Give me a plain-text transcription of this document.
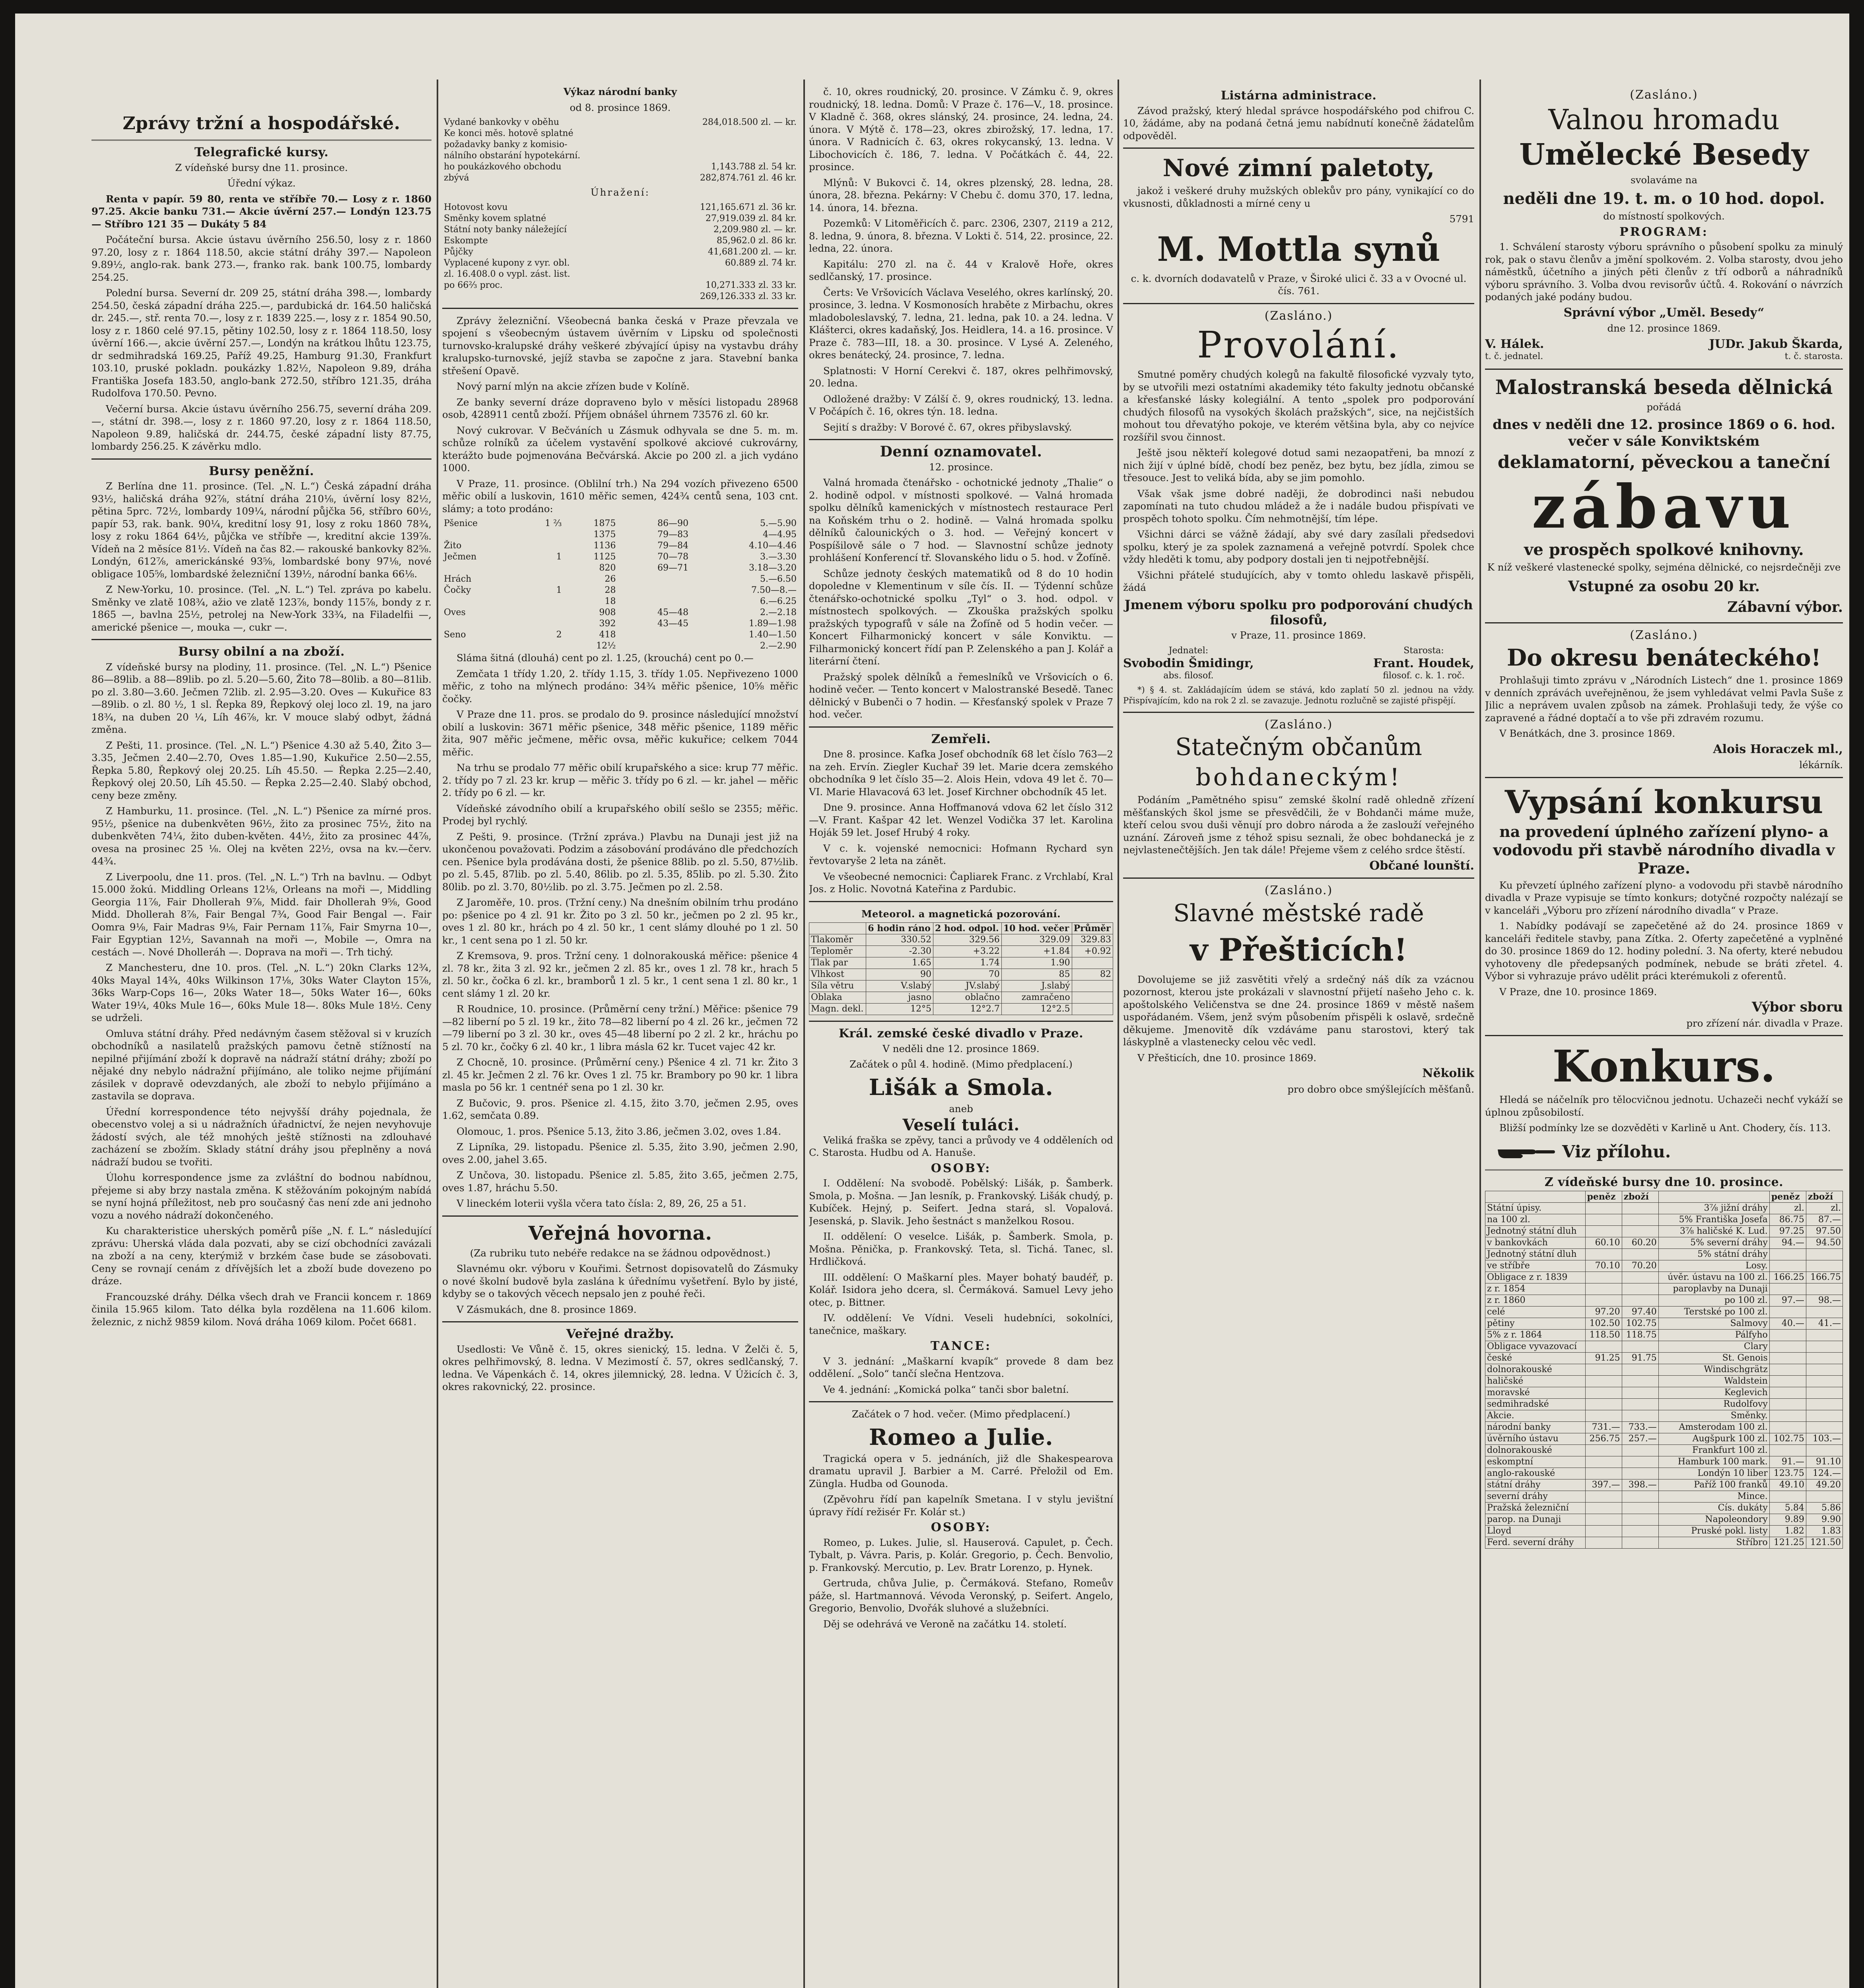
Zprávy tržní a hospodářské.
Telegrafické kursy.
Z vídeňské bursy dne 11. prosince.
Úřední výkaz.
Renta v papír. 59 80, renta ve stříbře 70.— Losy z r. 1860 97.25. Akcie banku 731.— Akcie úvěrní 257.— Londýn 123.75 — Stříbro 121 35 — Dukáty 5 84
Počáteční bursa. Akcie ústavu úvěrního 256.50, losy z r. 1860 97.20, losy z r. 1864 118.50, akcie státní dráhy 397.— Napoleon 9.89½, anglo-rak. bank 273.—, franko rak. bank 100.75, lombardy 254.25.
Polední bursa. Severní dr. 209 25, státní dráha 398.—, lombardy 254.50, česká západní dráha 225.—, pardubická dr. 164.50 haličská dr. 245.—, stř. renta 70.—, losy z r. 1839 225.—, losy z r. 1854 90.50, losy z r. 1860 celé 97.15, pětiny 102.50, losy z r. 1864 118.50, losy úvěrní 166.—, akcie úvěrní 257.—, Londýn na krátkou lhůtu 123.75, dr sedmihradská 169.25, Paříž 49.25, Hamburg 91.30, Frankfurt 103.10, pruské pokladn. poukázky 1.82½, Napoleon 9.89, dráha Františka Josefa 183.50, anglo-bank 272.50, stříbro 121.35, dráha Rudolfova 170.50. Pevno.
Večerní bursa. Akcie ústavu úvěrního 256.75, severní dráha 209.—, státní dr. 398.—, losy z r. 1860 97.20, losy z r. 1864 118.50, Napoleon 9.89, haličská dr. 244.75, české západní listy 87.75, lombardy 256.25. K závěrku mdlo.
Bursy peněžní.
Z Berlína dne 11. prosince. (Tel. „N. L.“) Česká západní dráha 93½, haličská dráha 92⅞, státní dráha 210⅛, úvěrní losy 82½, pětina 5prc. 72½, lombardy 109¼, národní půjčka 56, stříbro 60½, papír 53, rak. bank. 90¼, kreditní losy 91, losy z roku 1860 78¾, losy z roku 1864 64½, půjčka ve stříbře —, kreditní akcie 139⅞. Vídeň na 2 měsíce 81½. Vídeň na čas 82.— rakouské bankovky 82⅝. Londýn, 612⅞, americkánské 93⅝, lombardské bony 97⅛, nové obligace 105⅝, lombardské železniční 139½, národní banka 66⅛.
Z New-Yorku, 10. prosince. (Tel. „N. L.“) Tel. zpráva po kabelu. Směnky ve zlatě 108¾, ažio ve zlatě 123⅞, bondy 115⅞, bondy z r. 1865 —, bavlna 25½, petrolej na New-York 33¾, na Filadelfii —, americké pšenice —, mouka —, cukr —.
Bursy obilní a na zboží.
Z vídeňské bursy na plodiny, 11. prosince. (Tel. „N. L.“) Pšenice 86—89lib. a 88—89lib. po zl. 5.20—5.60, Žito 78—80lib. a 80—81lib. po zl. 3.80—3.60. Ječmen 72lib. zl. 2.95—3.20. Oves — Kukuřice 83—89lib. o zl. 80 ½, 1 sl. Řepka 89, Řepkový olej loco zl. 19, na jaro 18¾, na duben 20 ¼, Líh 46⅞, kr. V mouce slabý odbyt, žádná změna.
Z Pešti, 11. prosince. (Tel. „N. L.“) Pšenice 4.30 až 5.40, Žito 3—3.35, Ječmen 2.40—2.70, Oves 1.85—1.90, Kukuřice 2.50—2.55, Řepka 5.80, Řepkový olej 20.25. Líh 45.50. — Řepka 2.25—2.40, Řepkový olej 20.50, Líh 45.50. — Řepka 2.25—2.40. Slabý obchod, ceny beze změny.
Z Hamburku, 11. prosince. (Tel. „N. L.“) Pšenice za mírné pros. 95½, pšenice na dubenkvěten 96½, žito za prosinec 75½, žito na dubenkvěten 74¼, žito duben-květen. 44½, žito za prosinec 44⅞, ovesa na prosinec 25 ⅛. Olej na květen 22½, ovsa na kv.—červ. 44¾.
Z Liverpoolu, dne 11. pros. (Tel. „N. L.“) Trh na bavlnu. — Odbyt 15.000 žokú. Middling Orleans 12⅛, Orleans na moři —, Middling Georgia 11⅞, Fair Dhollerah 9⅞, Midd. fair Dhollerah 9⅝, Good Midd. Dhollerah 8⅞, Fair Bengal 7¾, Good Fair Bengal —. Fair Oomra 9⅛, Fair Madras 9⅛, Fair Pernam 11⅞, Fair Smyrna 10—, Fair Egyptian 12½, Savannah na moři —, Mobile —, Omra na cestách —. Nové Dholleráh —. Doprava na moři —. Trh tichý.
Z Manchesteru, dne 10. pros. (Tel. „N. L.“) 20kn Clarks 12¾, 40ks Mayal 14¾, 40ks Wilkinson 17⅛, 30ks Water Clayton 15⅞, 36ks Warp-Cops 16—, 20ks Water 18—, 50ks Water 16—, 60ks Water 19¼, 40ks Mule 16—, 60ks Mule 18—. 80ks Mule 18½. Ceny se udrželi.
Omluva státní dráhy. Před nedávným časem stěžoval si v kruzích obchodníků a nasilatelů pražských pamovu četně stížností na nepilné přijímání zboží k dopravě na nádraží státní dráhy; zboží po nějaké dny nebylo nádražní přijímáno, ale toliko nejme přijímání zásilek v dopravě odevzdaných, ale zboží to nebylo přijímáno a zastavila se doprava.
Úřední korrespondence této nejvyšší dráhy pojednala, že obecenstvo volej a si u nádražních úřadnictví, že nejen nevyhovuje žádostí svých, ale též mnohých ještě stížnosti na zdlouhavé zacházení se zbožím. Sklady státní dráhy jsou přeplněny a nová nádraží budou se tvořiti.
Úlohu korrespondence jsme za zvláštní do bodnou nabídnou, přejeme si aby brzy nastala změna. K stěžováním pokojným nabídá se nyní hojná příležitost, neb pro současný čas není zde ani jednoho vozu a nového nádraží dokončeného.
Ku charakteristice uherských poměrů píše „N. f. L.“ následující zprávu: Uherská vláda dala pozvati, aby se cizí obchodníci zavázali na zboží a na ceny, kterýmiž v brzkém čase bude se zásobovati. Ceny se rovnají cenám z dřívějších let a zboží bude dovezeno po dráze.
Francouzské dráhy. Délka všech drah ve Francii koncem r. 1869 činila 15.965 kilom. Tato délka byla rozdělena na 11.606 kilom. železnic, z nichž 9859 kilom. Nová dráha 1069 kilom. Počet 6681.
Výkaz národní banky
od 8. prosince 1869.
Vydané bankovky v oběhu	284,018.500 zl. — kr.
Ke konci měs. hotově splatné	
požadavky banky z komisio-	
nálního obstarání hypotekární.	
ho poukázkového obchodu	1,143.788 zl. 54 kr.
zbývá	282,874.761 zl. 46 kr.
Úhražení:
Hotovost kovu	121,165.671 zl. 36 kr.
Směnky kovem splatné	27,919.039 zl. 84 kr.
Státní noty banky náležející	2,209.980 zl. — kr.
Eskompte	85,962.0 zl. 86 kr.
Půjčky	41,681.200 zl. — kr.
Vyplacené kupony z vyr. obl.	60.889 zl. 74 kr.
zl. 16.408.0 o vypl. zást. list.	
po 66⅔ proc.	10,271.333 zl. 33 kr.
	269,126.333 zl. 33 kr.
Zprávy železniční. Všeobecná banka česká v Praze převzala ve spojení s všeobecným ústavem úvěrním v Lipsku od společnosti turnovsko-kralupské dráhy veškeré zbývající úpisy na vystavbu dráhy kralupsko-turnovské, jejíž stavba se započne z jara. Stavební banka střešení Opavě.
Nový parní mlýn na akcie zřízen bude v Kolíně.
Ze banky severní dráze dopraveno bylo v měsíci listopadu 28968 osob, 428911 centů zboží. Příjem obnášel úhrnem 73576 zl. 60 kr.
Nový cukrovar. V Bečváních u Zásmuk odhyvala se dne 5. m. m. schůze rolníků za účelem vystavění spolkové akciové cukrovárny, kterážto bude pojmenována Bečvárská. Akcie po 200 zl. a jich vydáno 1000.
V Praze, 11. prosince. (Oblilní trh.) Na 294 vozích přivezeno 6500 měřic obilí a luskovin, 1610 měřic semen, 424¾ centů sena, 103 cnt. slámy; a toto prodáno:
Pšenice	1 ⅔	1875	86—90	5.—5.90
		1375	79—83	4—4.95
Žito		1136	79—84	4.10—4.46
Ječmen	1	1125	70—78	3.—3.30
		820	69—71	3.18—3.20
Hrách		26		5.—6.50
Čočky	1	28		7.50—8.—
		18		6.—6.25
Oves		908	45—48	2.—2.18
		392	43—45	1.89—1.98
Seno	2	418		1.40—1.50
		12½		2.—2.90
Sláma šitná (dlouhá) cent po zl. 1.25, (krouchá) cent po 0.—
Zemčata 1 třídy 1.20, 2. třídy 1.15, 3. třídy 1.05. Nepřivezeno 1000 měřic, z toho na mlýnech prodáno: 34¾ měřic pšenice, 10⅝ měřic čočky.
V Praze dne 11. pros. se prodalo do 9. prosince následující množství obilí a luskovin: 3671 měřic pšenice, 348 měřic pšenice, 1189 měřic žita, 907 měřic ječmene, měřic ovsa, měřic kukuřice; celkem 7044 měřic.
Na trhu se prodalo 77 měřic obilí krupařského a sice: krup 77 měřic. 2. třídy po 7 zl. 23 kr. krup — měřic 3. třídy po 6 zl. — kr. jahel — měřic 2. třídy po 6 zl. — kr.
Vídeňské závodního obilí a krupařského obilí sešlo se 2355; měřic. Prodej byl rychlý.
Z Pešti, 9. prosince. (Tržní zpráva.) Plavbu na Dunaji jest již na ukončenou považovati. Podzim a zásobování prodáváno dle předchozích cen. Pšenice byla prodávána dosti, že pšenice 88lib. po zl. 5.50, 87½lib. po zl. 5.45, 87lib. po zl. 5.40, 86lib. po zl. 5.35, 85lib. po zl. 5.30. Žito 80lib. po zl. 3.70, 80½lib. po zl. 3.75. Ječmen po zl. 2.58.
Z Jaroměře, 10. pros. (Tržní ceny.) Na dnešním obilním trhu prodáno po: pšenice po 4 zl. 91 kr. Žito po 3 zl. 50 kr., ječmen po 2 zl. 95 kr., oves 1 zl. 80 kr., hrách po 4 zl. 50 kr., 1 cent slámy dlouhé po 1 zl. 50 kr., 1 cent sena po 1 zl. 50 kr.
Z Kremsova, 9. pros. Tržní ceny. 1 dolnorakouská měřice: pšenice 4 zl. 78 kr., žita 3 zl. 92 kr., ječmen 2 zl. 85 kr., oves 1 zl. 78 kr., hrach 5 zl. 50 kr., čočka 6 zl. kr., bramborů 1 zl. 5 kr., 1 cent sena 1 zl. 80 kr., 1 cent slámy 1 zl. 20 kr.
R Roudnice, 10. prosince. (Průměrní ceny tržní.) Měřice: pšenice 79—82 liberní po 5 zl. 19 kr., žito 78—82 liberní po 4 zl. 26 kr., ječmen 72—79 liberní po 3 zl. 30 kr., oves 45—48 liberní po 2 zl. 2 kr., hráchu po 5 zl. 70 kr., čočky 6 zl. 40 kr., 1 libra másla 62 kr. Tucet vajec 42 kr.
Z Chocně, 10. prosince. (Průměrní ceny.) Pšenice 4 zl. 71 kr. Žito 3 zl. 45 kr. Ječmen 2 zl. 76 kr. Oves 1 zl. 75 kr. Brambory po 90 kr. 1 libra masla po 56 kr. 1 centnéř sena po 1 zl. 30 kr.
Z Bučovic, 9. pros. Pšenice zl. 4.15, žito 3.70, ječmen 2.95, oves 1.62, semčata 0.89.
Olomouc, 1. pros. Pšenice 5.13, žito 3.86, ječmen 3.02, oves 1.84.
Z Lipníka, 29. listopadu. Pšenice zl. 5.35, žito 3.90, ječmen 2.90, oves 2.00, jahel 3.65.
Z Unčova, 30. listopadu. Pšenice zl. 5.85, žito 3.65, ječmen 2.75, oves 1.87, hráchu 5.50.
V lineckém loterii vyšla včera tato čísla: 2, 89, 26, 25 a 51.
Veřejná hovorna.
(Za rubriku tuto nebéře redakce na se žádnou odpovědnost.)
Slavnému okr. výboru v Kouřimi. Šetrnost dopisovatelů do Zásmuky o nové školní budově byla zaslána k úřednímu vyšetření. Bylo by jisté, kdyby se o takových věcech nepsalo jen z pouhé řeči.
V Zásmukách, dne 8. prosince 1869.
Veřejné dražby.
Usedlosti: Ve Vůně č. 15, okres sienický, 15. ledna. V Želči č. 5, okres pelhřimovský, 8. ledna. V Mezimostí č. 57, okres sedlčanský, 7. ledna. Ve Vápenkách č. 14, okres jilemnický, 28. ledna. V Úžicích č. 3, okres rakovnický, 22. prosince.
č. 10, okres roudnický, 20. prosince. V Zámku č. 9, okres roudnický, 18. ledna. Domů: V Praze č. 176—V., 18. prosince. V Kladně č. 368, okres slánský, 24. prosince, 24. ledna, 24. února. V Mýtě č. 178—23, okres zbirožský, 17. ledna, 17. února. V Radnicích č. 63, okres rokycanský, 13. ledna. V Libochovicích č. 186, 7. ledna. V Počátkách č. 44, 22. prosince.
Mlýnů: V Bukovci č. 14, okres plzenský, 28. ledna, 28. února, 28. března. Pekárny: V Chebu č. domu 370, 17. ledna, 14. února, 14. března.
Pozemků: V Litoměřicích č. parc. 2306, 2307, 2119 a 212, 8. ledna, 9. února, 8. března. V Lokti č. 514, 22. prosince, 22. ledna, 22. února.
Kapitálu: 270 zl. na č. 44 v Kralově Hoře, okres sedlčanský, 17. prosince.
Čerts: Ve Vršovicích Václava Veselého, okres karlínský, 20. prosince, 3. ledna. V Kosmonosích hraběte z Mirbachu, okres mladoboleslavský, 7. ledna, 21. ledna, pak 10. a 24. ledna. V Klášterci, okres kadaňský, Jos. Heidlera, 14. a 16. prosince. V Praze č. 783—III, 18. a 30. prosince. V Lysé A. Zeleného, okres benátecký, 24. prosince, 7. ledna.
Splatnosti: V Horní Cerekvi č. 187, okres pelhřimovský, 20. ledna.
Odložené dražby: V Zálší č. 9, okres roudnický, 13. ledna. V Počápích č. 16, okres týn. 18. ledna.
Sejití s dražby: V Borové č. 67, okres přibyslavský.
Denní oznamovatel.
12. prosince.
Valná hromada čtenářsko - ochotnické jednoty „Thalie“ o 2. hodině odpol. v místnosti spolkové. — Valná hromada spolku dělníků kamenických v místnostech restaurace Perl na Koňském trhu o 2. hodině. — Valná hromada spolku dělníků čalounických o 3. hod. — Veřejný koncert v Pospíšilově sále o 7 hod. — Slavnostní schůze jednoty prohlášení Konferencí tř. Slovanského lidu o 5. hod. v Žofíně.
Schůze jednoty českých matematiků od 8 do 10 hodin dopoledne v Klementinum v síle čís. II. — Týdenní schůze čtenářsko-ochotnické spolku „Tyl“ o 3. hod. odpol. v místnostech spolkových. — Zkouška pražských spolku pražských typografů v sále na Žofíně od 5 hodin večer. — Koncert Filharmonický koncert v sále Konviktu. — Filharmonický koncert řídí pan P. Zelenského a pan J. Kolář a literární čtení.
Pražský spolek dělníků a řemeslníků ve Vršovicích o 6. hodině večer. — Tento koncert v Malostranské Besedě. Tanec dělnický v Bubenči o 7 hodin. — Křesťanský spolek v Praze 7 hod. večer.
Zemřeli.
Dne 8. prosince. Kafka Josef obchodník 68 let číslo 763—2 na zeh. Ervín. Ziegler Kuchař 39 let. Marie dcera zemského obchodníka 9 let číslo 35—2. Alois Hein, vdova 49 let č. 70—VI. Marie Hlavacová 63 let. Josef Kirchner obchodník 45 let.
Dne 9. prosince. Anna Hoffmanová vdova 62 let číslo 312—V. Frant. Kašpar 42 let. Wenzel Vodička 37 let. Karolina Hoják 59 let. Josef Hrubý 4 roky.
V c. k. vojenské nemocnici: Hofmann Rychard syn řevtovaryše 2 leta na zánět.
Ve všeobecné nemocnici: Čapliarek Franc. z Vrchlabí, Kral Jos. z Holic. Novotná Kateřina z Pardubic.
Meteorol. a magnetická pozorování.
	6 hodin ráno	2 hod. odpol.	10 hod. večer	Průměr
Tlakoměr	330.52	329.56	329.09	329.83
Teploměr	-2.30	+3.22	+1.84	+0.92
Tlak par	1.65	1.74	1.90	
Vlhkost	90	70	85	82
Síla větru	V.slabý	JV.slabý	J.slabý	
Oblaka	jasno	oblačno	zamračeno	
Magn. dekl.	12°5	12°2.7	12°2.5	
Král. zemské české divadlo v Praze.
V neděli dne 12. prosince 1869.
Začátek o půl 4. hodině. (Mimo předplacení.)
Lišák a Smola.
aneb
Veselí tuláci.
Veliká fraška se zpěvy, tanci a průvody ve 4 odděleních od C. Starosta. Hudbu od A. Hanuše.
OSOBY:
I. Oddělení: Na svobodě. Pobělský: Lišák, p. Šamberk. Smola, p. Mošna. — Jan lesník, p. Frankovský. Lišák chudý, p. Kubíček. Hejný, p. Seifert. Jedna stará, sl. Vopalová. Jesenská, p. Slavik. Jeho šestnáct s manželkou Rosou.
II. oddělení: O veselce. Lišák, p. Šamberk. Smola, p. Mošna. Pěnička, p. Frankovský. Teta, sl. Tichá. Tanec, sl. Hrdličková.
III. oddělení: O Maškarní ples. Mayer bohatý baudéř, p. Kolář. Isidora jeho dcera, sl. Čermáková. Samuel Levy jeho otec, p. Bittner.
IV. oddělení: Ve Vídni. Veseli hudebníci, sokolníci, tanečnice, maškary.
TANCE:
V 3. jednání: „Maškarní kvapík“ provede 8 dam bez oddělení. „Solo“ tančí slečna Hentzova.
Ve 4. jednání: „Komická polka“ tanči sbor baletní.
Začátek o 7 hod. večer. (Mimo předplacení.)
Romeo a Julie.
Tragická opera v 5. jednáních, již dle Shakespearova dramatu upravil J. Barbier a M. Carré. Přeložil od Em. Züngla. Hudba od Gounoda.
(Zpěvohru řídí pan kapelník Smetana. I v stylu jevištní úpravy řídí režisér Fr. Kolár st.)
OSOBY:
Romeo, p. Lukes. Julie, sl. Hauserová. Capulet, p. Čech. Tybalt, p. Vávra. Paris, p. Kolár. Gregorio, p. Čech. Benvolio, p. Frankovský. Mercutio, p. Lev. Bratr Lorenzo, p. Hynek.
Gertruda, chůva Julie, p. Čermáková. Stefano, Romeův páže, sl. Hartmannová. Vévoda Veronský, p. Seifert. Angelo, Gregorio, Benvolio, Dvořák sluhové a služebníci.
Děj se odehrává ve Veroně na začátku 14. století.
Listárna administrace.
Závod pražský, který hledal správce hospodářského pod chifrou C. 10, žádáme, aby na podaná četná jemu nabídnutí konečně žádatelům odpověděl.
Nové zimní paletoty,
jakož i veškeré druhy mužských oblekův pro pány, vynikající co do vkusnosti, důkladnosti a mírné ceny u
5791
M. Mottla synů
c. k. dvorních dodavatelů v Praze, v Široké ulici č. 33 a v Ovocné ul. čís. 761.
(Zasláno.)
Provolání.
Smutné poměry chudých kolegů na fakultě filosofické vyzvaly tyto, by se utvořili mezi ostatními akademiky této fakulty jednotu občanské a křesťanské lásky kolegiální. A tento „spolek pro podporování chudých filosofů na vysokých školách pražských“, sice, na nejčistších mohout tou dřevatýho pokoje, ve kterém většina byla, aby co nejvíce rozšířil svou činnost.
Ještě jsou někteří kolegové dotud sami nezaopatřeni, ba mnozí z nich žijí v úplné bídě, chodí bez peněz, bez bytu, bez jídla, zimou se třesouce. Jest to veliká bída, aby se jim pomohlo.
Však však jsme dobré naději, že dobrodinci naši nebudou zapomínati na tuto chudou mládež a že i nadále budou přispívati ve prospěch tohoto spolku. Čím nehmotnější, tím lépe.
Všichni dárci se vážně žádají, aby své dary zasílali předsedovi spolku, který je za spolek zaznamená a veřejně potvrdí. Spolek chce vždy hleděti k tomu, aby podpory dostali jen ti nejpotřebnější.
Všichni přátelé studujících, aby v tomto ohledu laskavě přispěli, žádá
Jmenem výboru spolku pro podporování chudých filosofů,
v Praze, 11. prosince 1869.
Jednatel:
Svobodin Šmidingr,
abs. filosof.
Starosta:
Frant. Houdek,
filosof. c. k. 1. roč.
*) § 4. st. Zakládajícím údem se stává, kdo zaplatí 50 zl. jednou na vždy. Přispívajícím, kdo na rok 2 zl. se zavazuje. Jednotu rozlučně se zajisté přispějí.
(Zasláno.)
Statečným občanům
bohdaneckým!
Podáním „Pamětného spisu“ zemské školní radě ohledně zřízení měšťanských škol jsme se přesvědčili, že v Bohdanči máme muže, kteří celou svou duši věnují pro dobro národa a že zaslouží veřejného uznání. Zároveň jsme z téhož spisu seznali, že obec bohdanecká je z nejvlastenečtějších. Jen tak dále! Přejeme všem z celého srdce štěstí.
Občané lounští.
(Zasláno.)
Slavné městské radě
v Přešticích!
Dovolujeme se již zasvětiti vřelý a srdečný náš dík za vzácnou pozornost, kterou jste prokázali v slavnostní přijetí našeho Jeho c. k. apoštolského Veličenstva se dne 24. prosince 1869 v městě našem uspořádaném. Všem, jenž svým působením přispěli k oslavě, srdečně děkujeme. Jmenovitě dík vzdáváme panu starostovi, který tak láskyplně a vlastenecky celou věc vedl.
V Přešticích, dne 10. prosince 1869.
Několik
pro dobro obce smýšlejících měšťanů.
(Zasláno.)
Valnou hromadu
Umělecké Besedy
svolaváme na
neděli dne 19. t. m. o 10 hod. dopol.
do místností spolkových.
PROGRAM:
1. Schválení starosty výboru správního o působení spolku za minulý rok, pak o stavu členův a jmění spolkovém. 2. Volba starosty, dvou jeho náměstků, účetního a jiných pěti členův z tří odborů a náhradníků výboru správního. 3. Volba dvou revisorův účtů. 4. Rokování o návrzích podaných jaké podány budou.
Správní výbor „Uměl. Besedy“
dne 12. prosince 1869.
V. Hálek.
t. č. jednatel.
JUDr. Jakub Škarda,
t. č. starosta.
Malostranská beseda dělnická
pořádá
dnes v neděli dne 12. prosince 1869 o 6. hod. večer v sále Konviktském
deklamatorní, pěveckou a taneční
zábavu
ve prospěch spolkové knihovny.
K níž veškeré vlastenecké spolky, sejména dělnické, co nejsrdečněji zve
Vstupné za osobu 20 kr.
Zábavní výbor.
(Zasláno.)
Do okresu benáteckého!
Prohlašuji timto zprávu v „Národních Listech“ dne 1. prosince 1869 v denních zprávách uveřejněnou, že jsem vyhledávat velmi Pavla Suše z Jilic a neprávem uvalen způsob na zámek. Prohlašuji tedy, že výše co zapravené a řádné doptačí a to vše při zdravém rozumu.
V Benátkách, dne 3. prosince 1869.
Alois Horaczek ml.,
lékárník.
Vypsání konkursu
na provedení úplného zařízení plyno- a vodovodu při stavbě národního divadla v Praze.
Ku převzetí úplného zařízení plyno- a vodovodu při stavbě národního divadla v Praze vypisuje se tímto konkurs; dotyčné rozpočty nalézají se v kanceláři „Výboru pro zřízení národního divadla“ v Praze.
1. Nabídky podávají se zapečetěné až do 24. prosince 1869 v kanceláři ředitele stavby, pana Zítka. 2. Oferty zapečetěné a vyplněné do 30. prosince 1869 do 12. hodiny polední. 3. Na oferty, které nebudou vyhotoveny dle předepsaných podmínek, nebude se bráti zřetel. 4. Výbor si vyhrazuje právo udělit práci kterémukoli z oferentů.
V Praze, dne 10. prosince 1869.
Výbor sboru
pro zřízení nár. divadla v Praze.
Konkurs.
Hledá se náčelník pro tělocvičnou jednotu. Uchazeči nechť vykáží se úplnou způsobilostí.
Bližší podmínky lze se dozvěděti v Karlině u Ant. Chodery, čís. 113.
Viz přílohu.
Z vídeňské bursy dne 10. prosince.
	peněz	zboží		peněz	zboží
Státní úpisy.			3⅞ jižní dráhy	zl.	zl.
na 100 zl.			5% Františka Josefa	86.75	87.—
Jednotný státní dluh			3⅞ haličské K. Lud.	97.25	97.50
v bankovkách	60.10	60.20	5% severní dráhy	94.—	94.50
Jednotný státní dluh			5% státní dráhy		
ve stříbře	70.10	70.20	Losy.		
Obligace z r. 1839			úvěr. ústavu na 100 zl.	166.25	166.75
z r. 1854			paroplavby na Dunaji		
z r. 1860			po 100 zl.	97.—	98.—
celé	97.20	97.40	Terstské po 100 zl.		
pětiny	102.50	102.75	Salmovy	40.—	41.—
5% z r. 1864	118.50	118.75	Pálfyho		
Obligace vyvazovací			Clary		
české	91.25	91.75	St. Genois		
dolnorakouské			Windischgrätz		
haličské			Waldstein		
moravské			Keglevich		
sedmihradské			Rudolfovy		
Akcie.			Směnky.		
národní banky	731.—	733.—	Amsterodam 100 zl.		
úvěrního ústavu	256.75	257.—	Augšpurk 100 zl.	102.75	103.—
dolnorakouské			Frankfurt 100 zl.		
eskomptní			Hamburk 100 mark.	91.—	91.10
anglo-rakouské			Londýn 10 liber	123.75	124.—
státní dráhy	397.—	398.—	Paříž 100 franků	49.10	49.20
severní dráhy			Mince.		
Pražská železniční			Cís. dukáty	5.84	5.86
parop. na Dunaji			Napoleondory	9.89	9.90
Lloyd			Pruské pokl. listy	1.82	1.83
Ferd. severní dráhy			Stříbro	121.25	121.50
